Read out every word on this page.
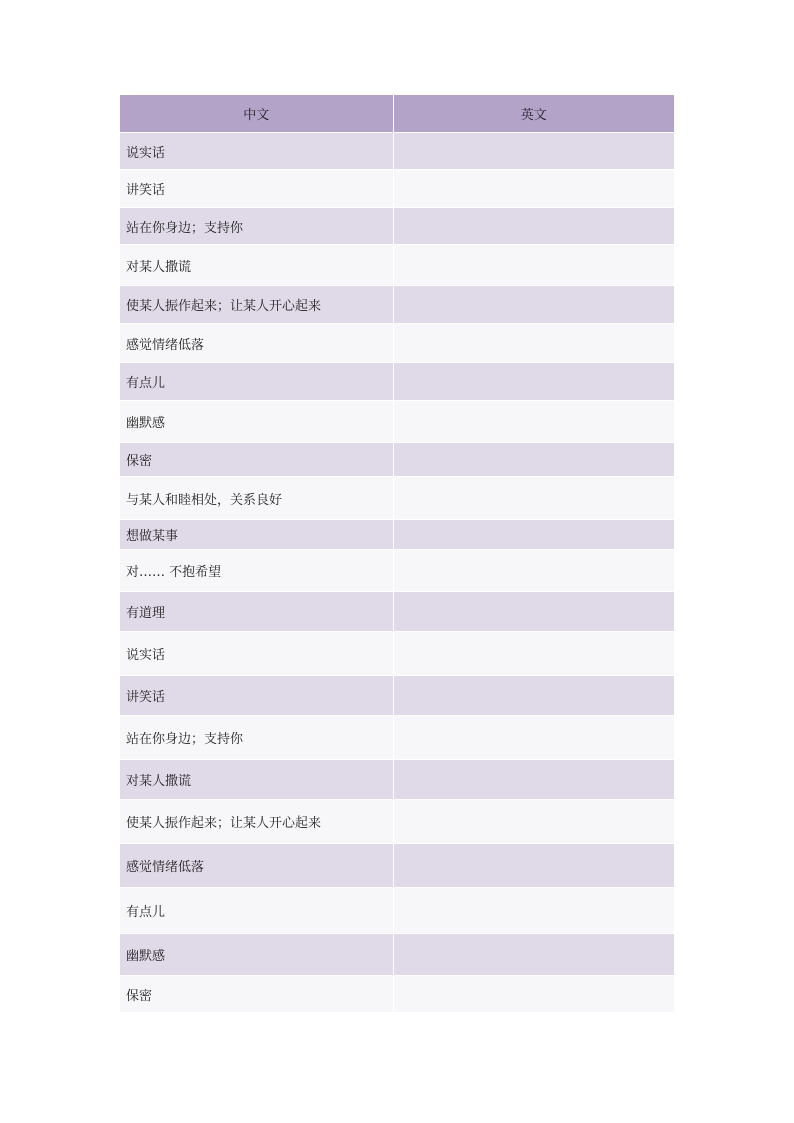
中文	英文
说实话	
讲笑话	
站在你身边；支持你	
对某人撒谎	
使某人振作起来；让某人开心起来	
感觉情绪低落	
有点儿	
幽默感	
保密	
与某人和睦相处，关系良好	
想做某事	
对…… 不抱希望	
有道理	
说实话	
讲笑话	
站在你身边；支持你	
对某人撒谎	
使某人振作起来；让某人开心起来	
感觉情绪低落	
有点儿	
幽默感	
保密	
